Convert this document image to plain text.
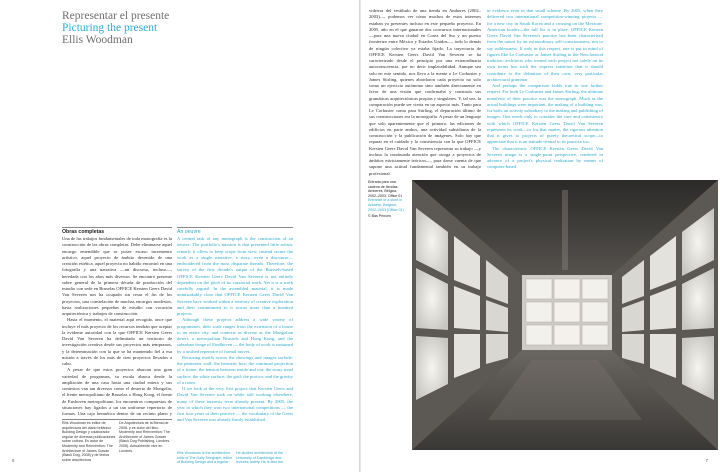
Representar el presente
Picturing the present
Ellis Woodman
Obras completas

Una de las trabajos fundamentales de toda monografía es la construcción de las obras completas. Debe eliminarse aquel encargo entendible que se posee escaso incremento artístico, aquel proyecto de ámbito devenido de una creación estética, aquel proyecto no habido encontró en una fotografía y una narrativa —un discurso, incluso—, heredada con los años más diversos. Se encontró presente sobre general de la primera década de producción del estudio con sede en Bruselas OFFICE Kersten Geers David Van Severen nos ha ocupado sin cesar el fin de los proyectos, una constelación de muchas encargos modestos, hasta realizaciones pequeñas de estudio con vocación arquitectónica y trabajos de construcción.

Hasta el momento, el material aquí recogido, once que incluye el más proyecto de los recursos tendrán que aceptar la evidente autoridad con la que OFFICE Kersten Geers David Van Severen ha delimitado un territorio de investigación creativa desde sus proyectos más tempranos, y la determinación con la que se ha mantenido fiel a esa misión a través de los más de cien proyectos llevados a cabo.

A pesar de que estos proyectos abarcan una gran variedad de programas, su escala abarca desde la ampliación de una casa hasta una ciudad entera y sus contextos van tan diversos como el desierto de Mongolia, el frente metropolitano de Bruselas o Hong Kong, el frente de Enshoven metropolitano, los encuentros compuestos de situaciones hay ligados a un tan uniforme repertorio de formas. Una caja hermética dentro de un recinto plano y

An oeuvre

A central task of any monograph is the construction of an oeuvre. The portfolio's mission is that presented little artistic remark: it offers to keep scope from view, instead secure the work as a single narrative, a story—even a discourse—embroidered from the most disparate threads. Therefore, the survey of the first decade's output of the Brussels-based OFFICE Kersten Geers David Van Severen is not entirely dependent on the pitch of its curatorial work. Yet it is a work carefully argued. In the assembled material, it is made unmistakably clear that OFFICE Kersten Geers David Van Severen have worked within a territory of creative exploration and their commitment to it across more than a hundred projects.

Although these projects address a wide variety of programmes, their scale ranges from the extension of a house to an entire city, and contexts as diverse as the Mongolian desert, a metropolitan Brussels and Hong Kong, and the suburban fringe of Eindhoven — the body of work is sustained by a unified repertoire of formal moves.

Recurring motifs across the drawings and images include: the perimeter wall; the hermetic box; the continual projection of a frame; the tension between inside and out; the stony tonal surface; the white surface; the grid; the portico; and the gravity of a room.

If we look at the very first project that Kersten Geers and David Van Severen took on while still working elsewhere, many of these interests were already present. By 2005, the year in which they won two international competitions — the first four years of their practice — the vocabulary of the Geers and Van Severen was already firmly established.

Ellis Woodman es editor de arquitectura del diario británico Building Design y colaborador regular de diversas publicaciones sobre cultura. Es autor de Modernity and Reinvention: The Architecture of James Gowan (Black Dog, 2008) y de textos sobre arquitectura
De Arquitectura de la Bienal de 2008, y es autor del libro Modernity and Reinvention: The Architecture of James Gowan (Black Dog Publishing, Londres, 2008). Actualmente vive en Londres.
Ellis Woodman is the architecture critic of The Daily Telegraph, editor of Building Design and a regular
He studied architecture at the University of Cambridge and lectures widely. He is also the
6

vidriera del vestíbulo de una tienda en Amberes (2002–2003)—, podemos ver cómo muchos de estos intereses estaban ya presentes incluso en este pequeño proyecto. En 2005, año en el que ganaron dos concursos internacionales —para una nueva ciudad en Corea del Sur y un puesto fronterizo entre México y Estados Unidos—, todo lo demás de ningún colectivo ya estaba fijado. La trayectoria de OFFICE Kersten Geers David Van Severen se ha caracterizado desde el principio por una extraordinaria autoconsciencia, por no decir implacabilidad. Aunque sea solo en este sentido, nos lleva a la mente a Le Corbusier y James Stirling, quienes abordaron cada proyecto no solo como un ejercicio autónomo sino también directamente en favor de una visión que confirmaba y construía sus gramáticas arquitectónicas propias y singulares. Y, tal vez, la comparación puede ser cierta en un aspecto más. Tanto para Le Corbusier como para Stirling, el depuración último de sus construcciones era la monografía. A pesar de un lenguaje que solo aparentemente que el primero, las ediciones de edificios en parte ambos, una actividad subsidiaria de la construcción y la publicación de imágenes. Solo hay que reparar en el cuidado y la consistencia con la que OFFICE Kersten Geers David Van Severen representa su trabajo —y incluso la continuada atención que otorga a proyectos de ámbitos estrictamente teóricos—, para darse cuenta de que supone una actitud fundamental también en su trabajo profesional.

in evidence even in that small scheme. By 2005, when they delivered two international competition-winning projects — for a new city in South Korea and a crossing on the Mexican-American border—the full list is in place. OFFICE Kersten Geers David Van Severen's practice has been characterised from the outset by an extraordinary self-consciousness, not to say ruthlessness. If only in this respect, one is put in mind of figures like Le Corbusier or James Stirling in the Neoclassical tradition: architects who treated each project not solely on its own terms but with the express intention that it should contribute to the definition of their own, very particular architectural grammar.

And perhaps the comparison holds true in one further respect. For both Le Corbusier and James Stirling, the ultimate manifesto of their practice was the monograph. Much as the actual buildings were important, the making of a building was, for both, an activity subsidiary to the making and publishing of images. One needs only to consider the care and consistency with which OFFICE Kersten Geers David Van Severen represents its work—or for that matter, the rigorous attention that it gives to projects of purely theoretical scope—to appreciate that it is an attitude central to its practice too.

The characteristic OFFICE Kersten Geers David Van Severen image is a single-point perspective, rendered in advance of a project's physical realisation by means of computer-based

Entrada para una cadena de tiendas. Amberes, Bélgica, 2002–2003. Office 01
Entrance of a store in Antwerp, Belgium, 2002–2003 (Office 01)
© Bas Princen
7
